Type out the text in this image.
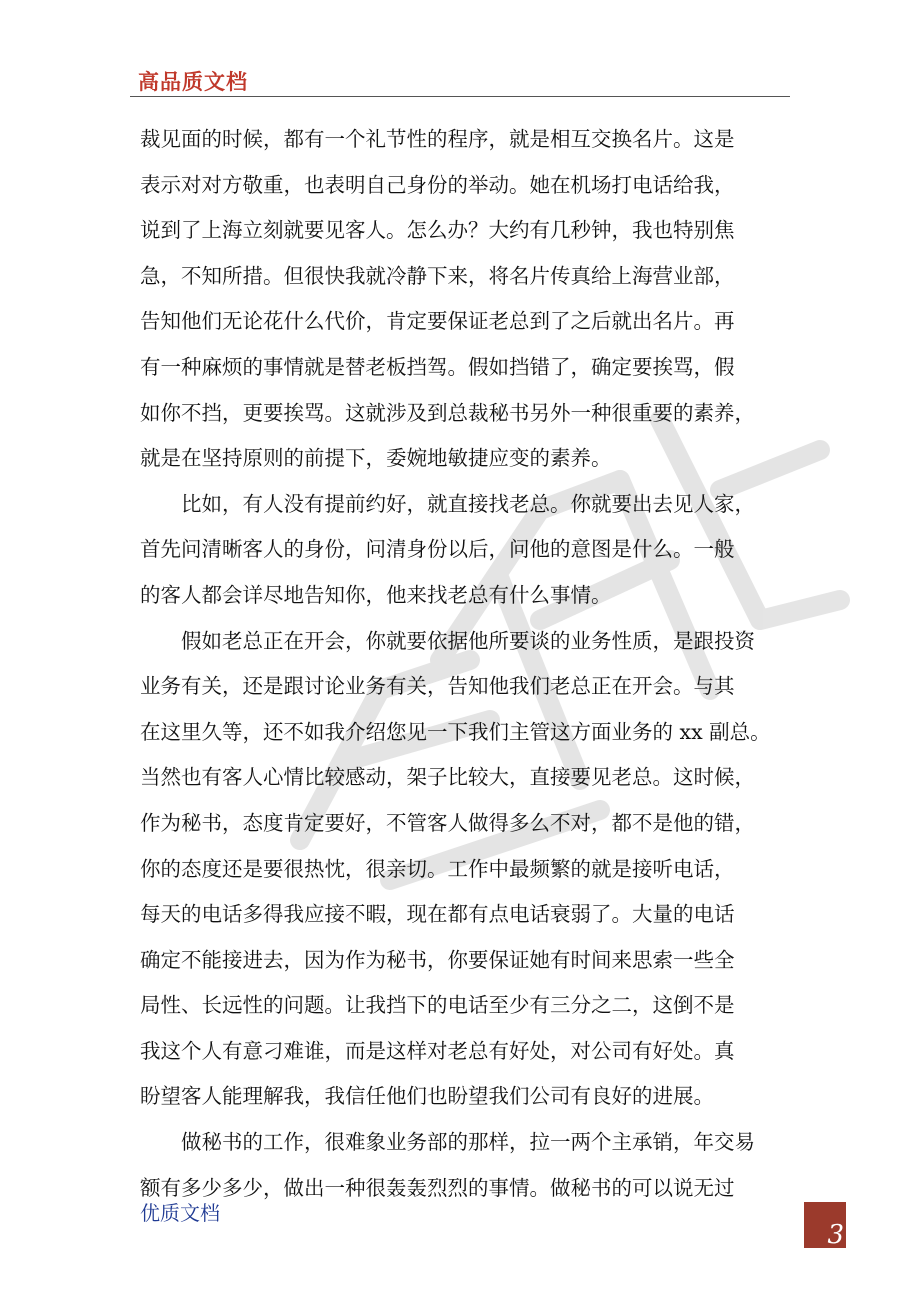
高品质文档
裁见面的时候，都有一个礼节性的程序，就是相互交换名片。这是
表示对对方敬重，也表明自己身份的举动。她在机场打电话给我，
说到了上海立刻就要见客人。怎么办？大约有几秒钟，我也特别焦
急，不知所措。但很快我就冷静下来，将名片传真给上海营业部，
告知他们无论花什么代价，肯定要保证老总到了之后就出名片。再
有一种麻烦的事情就是替老板挡驾。假如挡错了，确定要挨骂，假
如你不挡，更要挨骂。这就涉及到总裁秘书另外一种很重要的素养，
就是在坚持原则的前提下，委婉地敏捷应变的素养。
　　比如，有人没有提前约好，就直接找老总。你就要出去见人家，
首先问清晰客人的身份，问清身份以后，问他的意图是什么。一般
的客人都会详尽地告知你，他来找老总有什么事情。
　　假如老总正在开会，你就要依据他所要谈的业务性质，是跟投资
业务有关，还是跟讨论业务有关，告知他我们老总正在开会。与其
在这里久等，还不如我介绍您见一下我们主管这方面业务的 xx 副总。
当然也有客人心情比较感动，架子比较大，直接要见老总。这时候，
作为秘书，态度肯定要好，不管客人做得多么不对，都不是他的错，
你的态度还是要很热忱，很亲切。工作中最频繁的就是接听电话，
每天的电话多得我应接不暇，现在都有点电话衰弱了。大量的电话
确定不能接进去，因为作为秘书，你要保证她有时间来思索一些全
局性、长远性的问题。让我挡下的电话至少有三分之二，这倒不是
我这个人有意刁难谁，而是这样对老总有好处，对公司有好处。真
盼望客人能理解我，我信任他们也盼望我们公司有良好的进展。
　　做秘书的工作，很难象业务部的那样，拉一两个主承销，年交易
额有多少多少，做出一种很轰轰烈烈的事情。做秘书的可以说无过
优质文档
3
